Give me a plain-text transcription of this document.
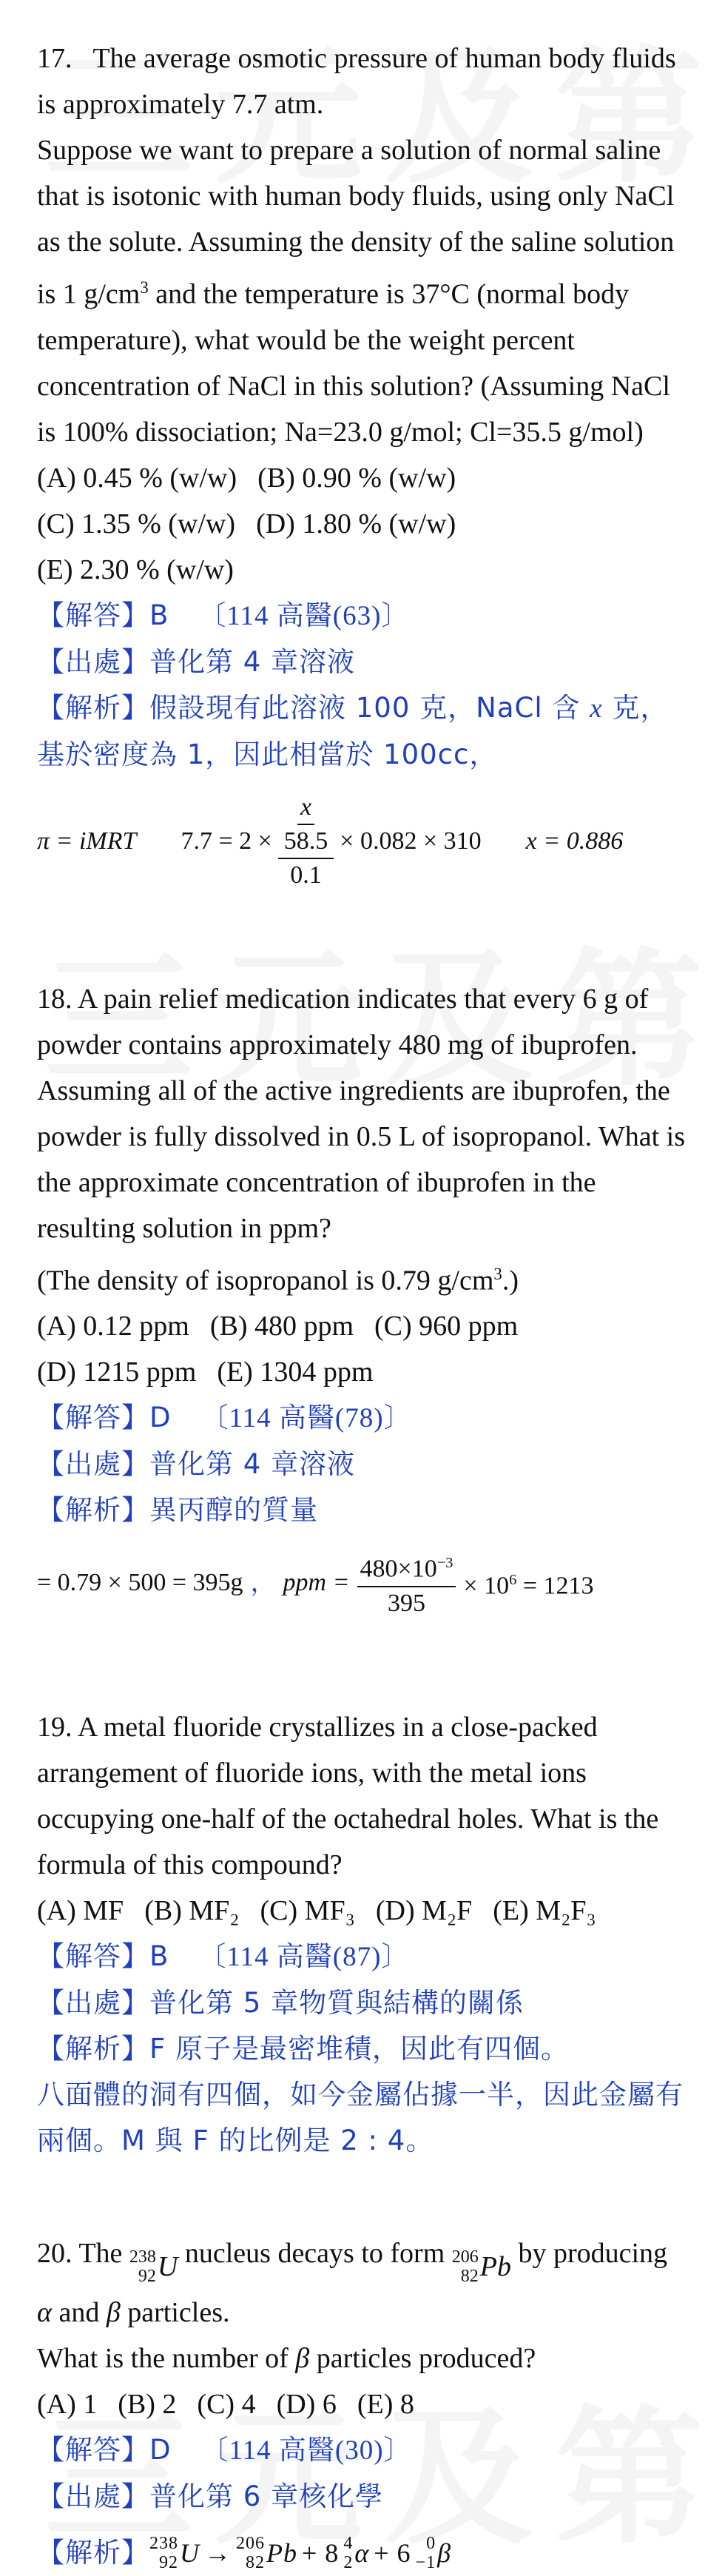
17. The average osmotic pressure of human body fluids is approximately 7.7 atm.

Suppose we want to prepare a solution of normal saline that is isotonic with human body fluids, using only NaCl as the solute. Assuming the density of the saline solution is 1 $g/cm^3$ and the temperature is 37°C (normal body temperature), what would be the weight percent concentration of NaCl in this solution? (Assuming NaCl is 100% dissociation; Na=23.0 g/mol; Cl=35.5 g/mol)

(A) 0.45 % (w/w) (B) 0.90 % (w/w)
(C) 1.35 % (w/w) (D) 1.80 % (w/w)
(E) 2.30 % (w/w)

【解答】B 〔114 高醫(63)〕

【出處】普化第 4 章溶液

【解析】假設現有此溶液 100 克，NaCl 含 x 克，基於密度為 1，因此相當於 100cc，

π = iMRT $7.7 = 2 \times \frac{\frac{x}{58.5}}{0.1} \times 0.082 \times 310$ x = 0.886

18. A pain relief medication indicates that every 6 g of powder contains approximately 480 mg of ibuprofen. Assuming all of the active ingredients are ibuprofen, the powder is fully dissolved in 0.5 L of isopropanol. What is the approximate concentration of ibuprofen in the resulting solution in ppm?

(The density of isopropanol is 0.79 $g/cm^3$.)

(A) 0.12 ppm (B) 480 ppm (C) 960 ppm
(D) 1215 ppm (E) 1304 ppm

【解答】D 〔114 高醫(78)〕

【出處】普化第 4 章溶液

【解析】異丙醇的質量

= 0.79 × 500 = 395g ， ppm = $\frac{480\times 10^{-3}}{395} \times 10^6 = 1213$

19. A metal fluoride crystallizes in a close-packed arrangement of fluoride ions, with the metal ions occupying one-half of the octahedral holes. What is the formula of this compound?

(A) MF (B) MF₂ (C) MF₃ (D) M₂F (E) M₂F₃

【解答】B 〔114 高醫(87)〕

【出處】普化第 5 章物質與結構的關係

【解析】F 原子是最密堆積，因此有四個。

八面體的洞有四個，如今金屬佔據一半，因此金屬有兩個。M 與 F 的比例是 2 : 4。

20. The 238
92 U nucleus decays to form 206
82 Pb by producing α and β particles.

What is the number of β particles produced?

(A) 1 (B) 2 (C) 4 (D) 6 (E) 8

【解答】D 〔114 高醫(30)〕

【出處】普化第 6 章核化學

【解析】 238
92 U → 206
82 Pb + 8 4
2 α + 6 0
−1 β
